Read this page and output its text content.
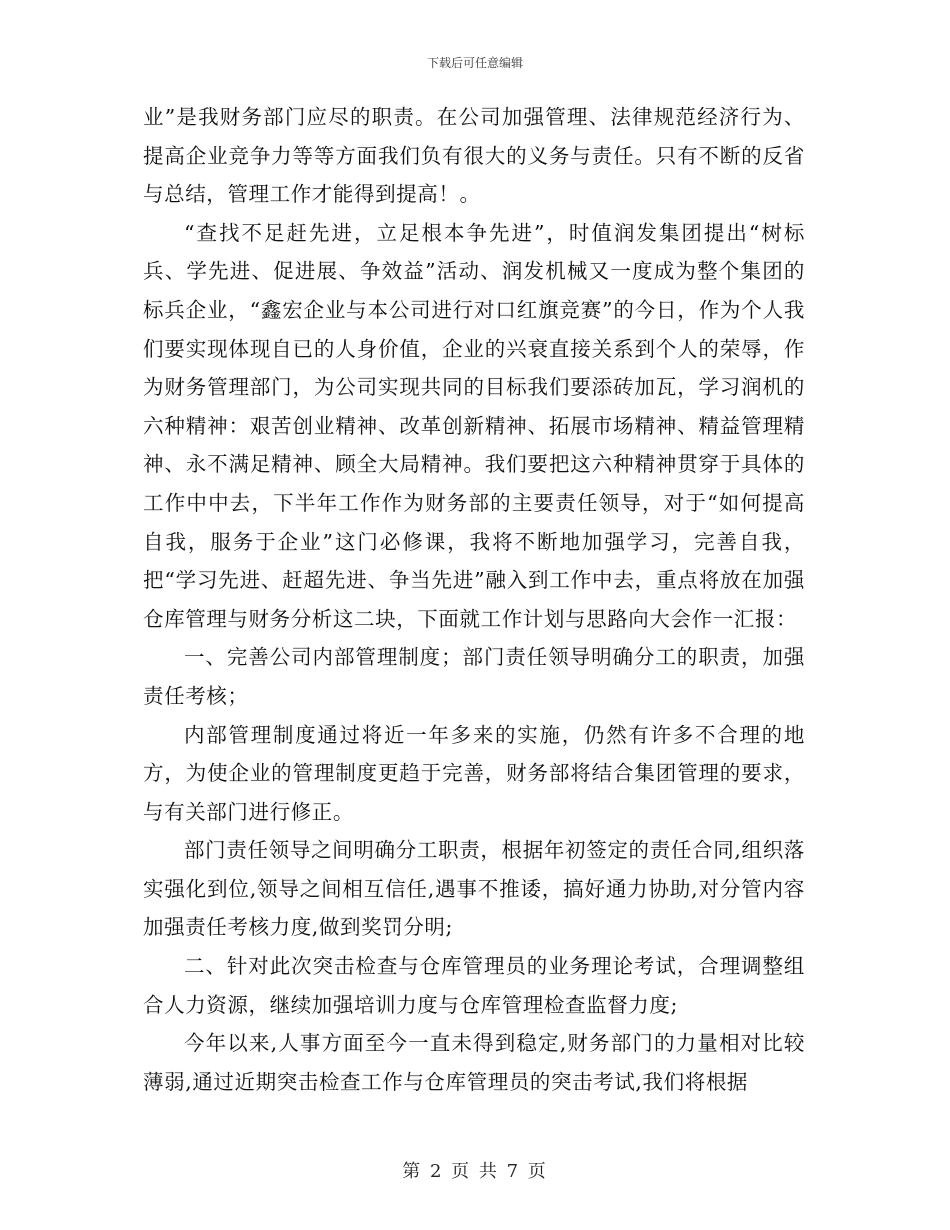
下载后可任意编辑

业”是我财务部门应尽的职责。在公司加强管理、法律规范经济行为、提高企业竞争力等等方面我们负有很大的义务与责任。只有不断的反省与总结，管理工作才能得到提高！。

“查找不足赶先进，立足根本争先进”，时值润发集团提出“树标兵、学先进、促进展、争效益”活动、润发机械又一度成为整个集团的标兵企业，“鑫宏企业与本公司进行对口红旗竞赛”的今日，作为个人我们要实现体现自已的人身价值，企业的兴衰直接关系到个人的荣辱，作为财务管理部门，为公司实现共同的目标我们要添砖加瓦，学习润机的六种精神：艰苦创业精神、改革创新精神、拓展市场精神、精益管理精神、永不满足精神、顾全大局精神。我们要把这六种精神贯穿于具体的工作中中去，下半年工作作为财务部的主要责任领导，对于“如何提高自我，服务于企业”这门必修课，我将不断地加强学习，完善自我，把“学习先进、赶超先进、争当先进”融入到工作中去，重点将放在加强仓库管理与财务分析这二块，下面就工作计划与思路向大会作一汇报：

一、完善公司内部管理制度；部门责任领导明确分工的职责，加强责任考核；

内部管理制度通过将近一年多来的实施，仍然有许多不合理的地方，为使企业的管理制度更趋于完善，财务部将结合集团管理的要求，与有关部门进行修正。

部门责任领导之间明确分工职责，根据年初签定的责任合同,组织落实强化到位,领导之间相互信任,遇事不推诿，搞好通力协助,对分管内容加强责任考核力度,做到奖罚分明;

二、针对此次突击检查与仓库管理员的业务理论考试，合理调整组合人力资源，继续加强培训力度与仓库管理检查监督力度;

今年以来,人事方面至今一直未得到稳定,财务部门的力量相对比较薄弱,通过近期突击检查工作与仓库管理员的突击考试,我们将根据

第 2 页 共 7 页
